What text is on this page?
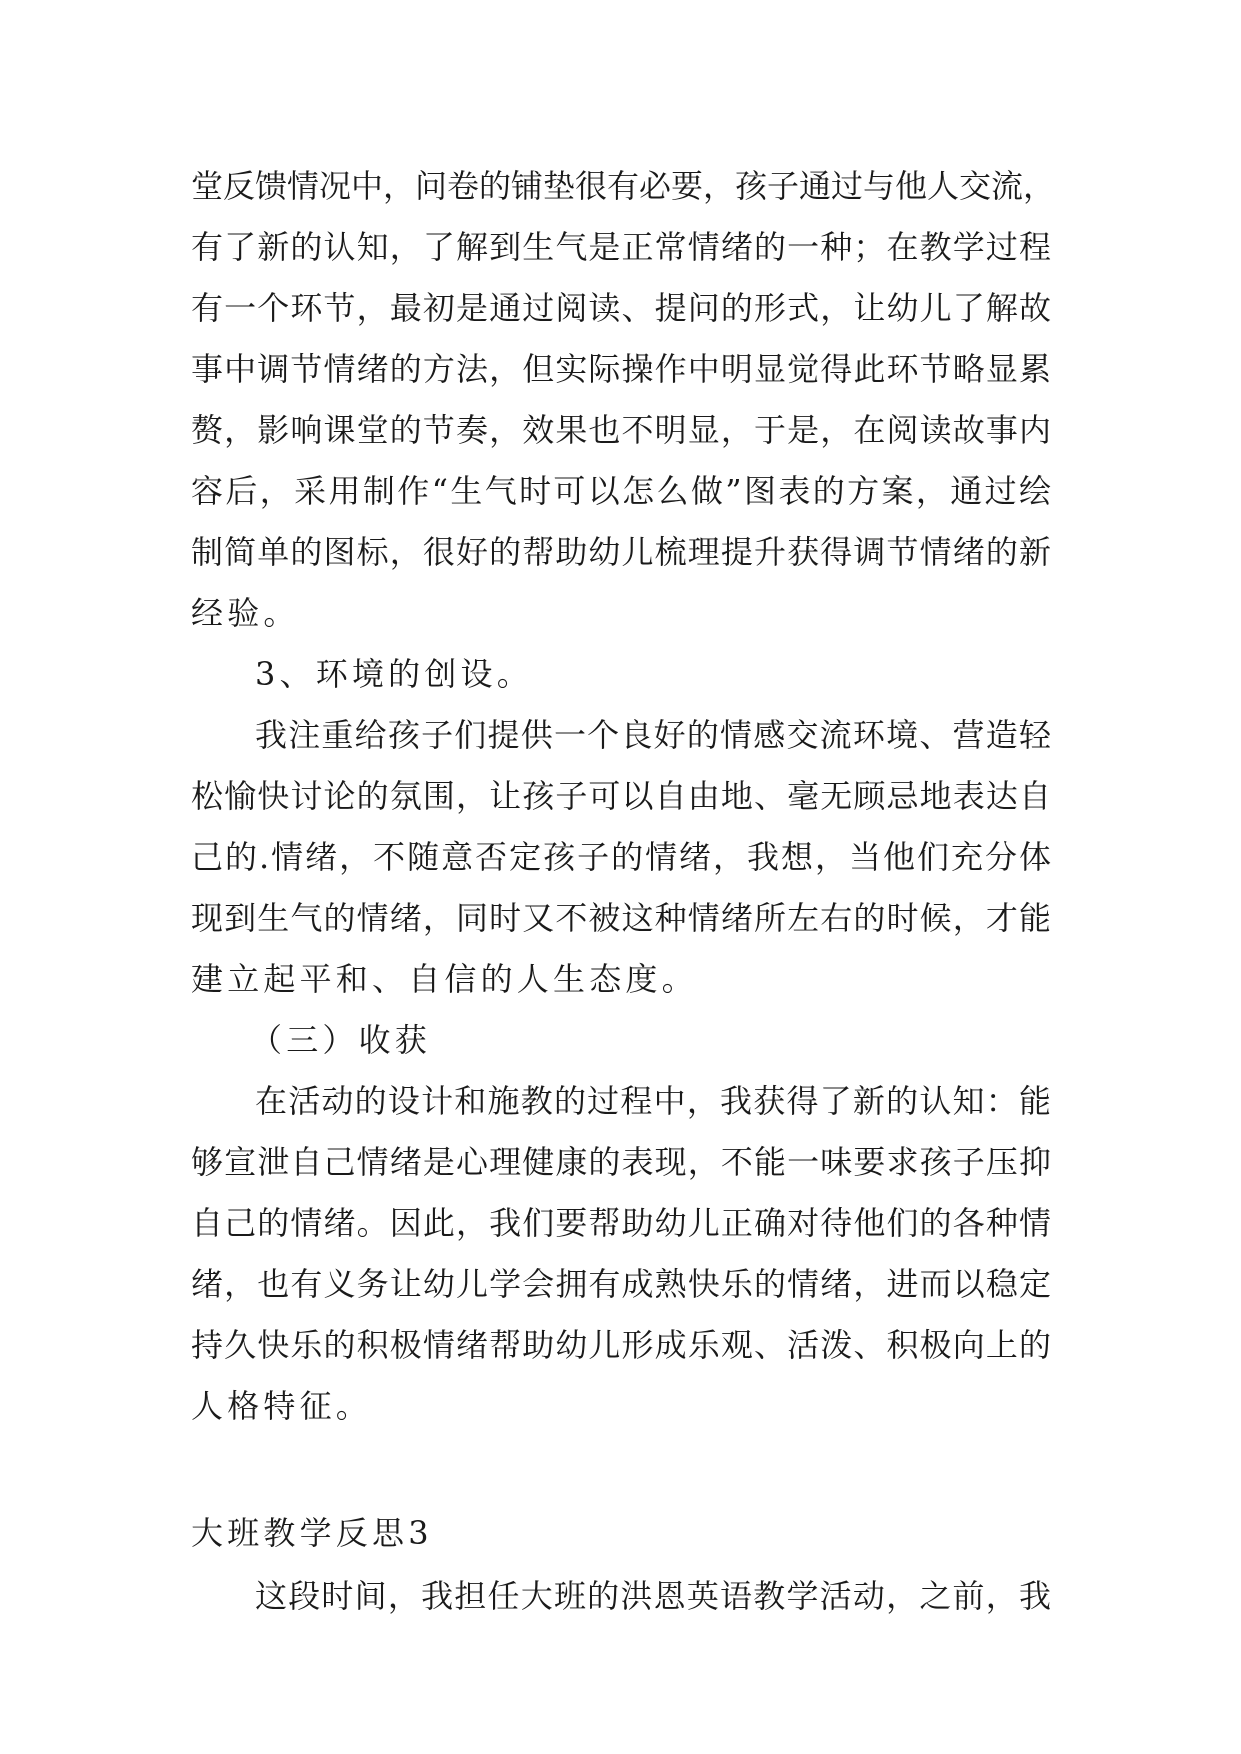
堂反馈情况中，问卷的铺垫很有必要，孩子通过与他人交流，
有了新的认知，了解到生气是正常情绪的一种；在教学过程
有一个环节，最初是通过阅读、提问的形式，让幼儿了解故
事中调节情绪的方法，但实际操作中明显觉得此环节略显累
赘，影响课堂的节奏，效果也不明显，于是，在阅读故事内
容后，采用制作“生气时可以怎么做”图表的方案，通过绘
制简单的图标，很好的帮助幼儿梳理提升获得调节情绪的新
经验。
3、环境的创设。
我注重给孩子们提供一个良好的情感交流环境、营造轻
松愉快讨论的氛围，让孩子可以自由地、毫无顾忌地表达自
己的.情绪，不随意否定孩子的情绪，我想，当他们充分体
现到生气的情绪，同时又不被这种情绪所左右的时候，才能
建立起平和、自信的人生态度。
（三）收获
在活动的设计和施教的过程中，我获得了新的认知：能
够宣泄自己情绪是心理健康的表现，不能一味要求孩子压抑
自己的情绪。因此，我们要帮助幼儿正确对待他们的各种情
绪，也有义务让幼儿学会拥有成熟快乐的情绪，进而以稳定
持久快乐的积极情绪帮助幼儿形成乐观、活泼、积极向上的
人格特征。
大班教学反思3
这段时间，我担任大班的洪恩英语教学活动，之前，我
